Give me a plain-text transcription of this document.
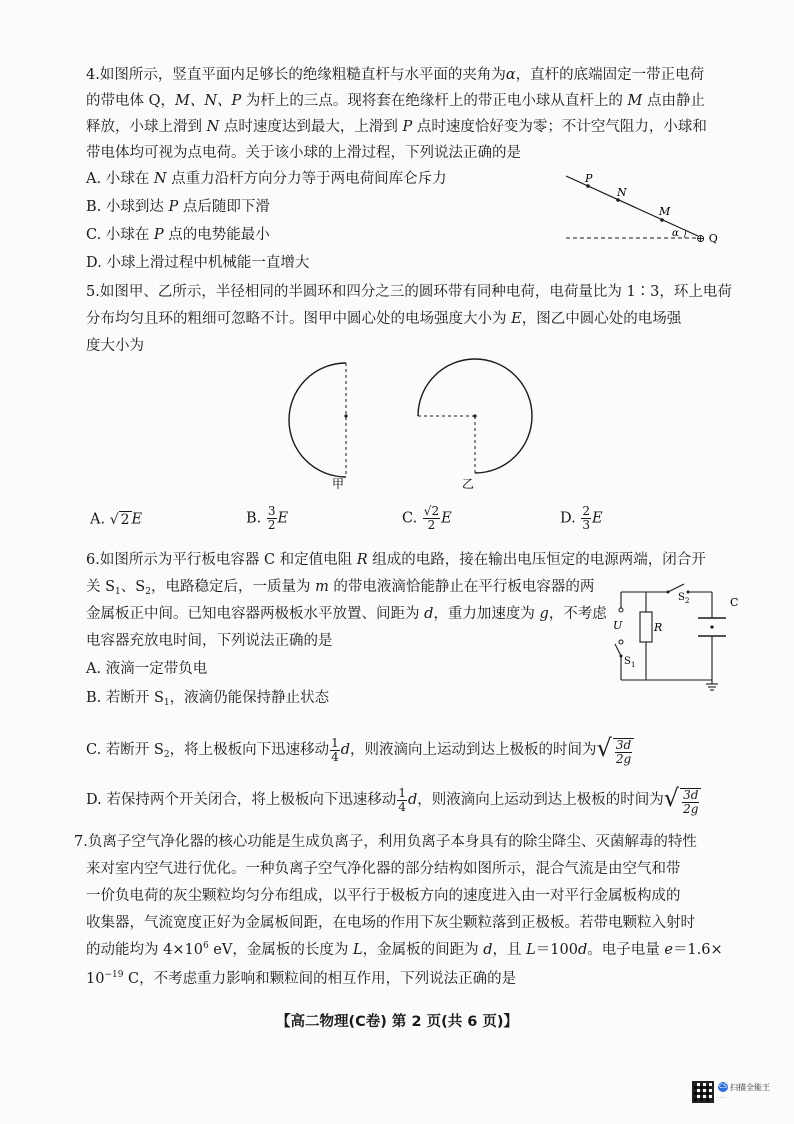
4.如图所示，竖直平面内足够长的绝缘粗糙直杆与水平面的夹角为α，直杆的底端固定一带正电荷
的带电体 Q，M、N、P 为杆上的三点。现将套在绝缘杆上的带正电小球从直杆上的 M 点由静止
释放，小球上滑到 N 点时速度达到最大，上滑到 P 点时速度恰好变为零；不计空气阻力，小球和
带电体均可视为点电荷。关于该小球的上滑过程，下列说法正确的是
A. 小球在 N 点重力沿杆方向分力等于两电荷间库仑斥力
B. 小球到达 P 点后随即下滑
C. 小球在 P 点的电势能最小
D. 小球上滑过程中机械能一直增大
P
N
M
α ⊕ Q
5.如图甲、乙所示，半径相同的半圆环和四分之三的圆环带有同种电荷，电荷量比为 1∶3，环上电荷
分布均匀且环的粗细可忽略不计。图甲中圆心处的电场强度大小为 E，图乙中圆心处的电场强
度大小为
甲	乙
A. √ 2 E	B. $\frac{3}{2}$ E	C. $\frac{√2}{2}$ E	D. $\frac{2}{3}$ E
6.如图所示为平行板电容器 C 和定值电阻 R 组成的电路，接在输出电压恒定的电源两端，闭合开
关 $S_1$、$S_2$，电路稳定后，一质量为 m 的带电液滴恰能静止在平行板电容器的两
金属板正中间。已知电容器两极板水平放置、间距为 d，重力加速度为 g，不考虑
电容器充放电时间，下列说法正确的是
A. 液滴一定带负电
B. 若断开 $S_1$，液滴仍能保持静止状态
C. 若断开 $S_2$，将上极板向下迅速移动 $\frac{1}{4}$ d，则液滴向上运动到达上极板的时间为√ $\frac{3d}{2g}$
D. 若保持两个开关闭合，将上极板向下迅速移动 $\frac{1}{4}$ d，则液滴向上运动到达上极板的时间为√ $\frac{3d}{2g}$
S 2	C
R
U
S 1
7.负离子空气净化器的核心功能是生成负离子，利用负离子本身具有的除尘降尘、灭菌解毒的特性
来对室内空气进行优化。一种负离子空气净化器的部分结构如图所示，混合气流是由空气和带
一价负电荷的灰尘颗粒均匀分布组成，以平行于极板方向的速度进入由一对平行金属板构成的
收集器，气流宽度正好为金属板间距，在电场的作用下灰尘颗粒落到正极板。若带电颗粒入射时
的动能均为 $4\times 10^6$ eV，金属板的长度为 L，金属板的间距为 d，且 L＝100d。电子电量 e＝1.6×
$10^{-19}$ C，不考虑重力影响和颗粒间的相互作用，下列说法正确的是
【高二物理(C卷) 第 2 页(共 6 页)】
CS 扫描全能王
·····
